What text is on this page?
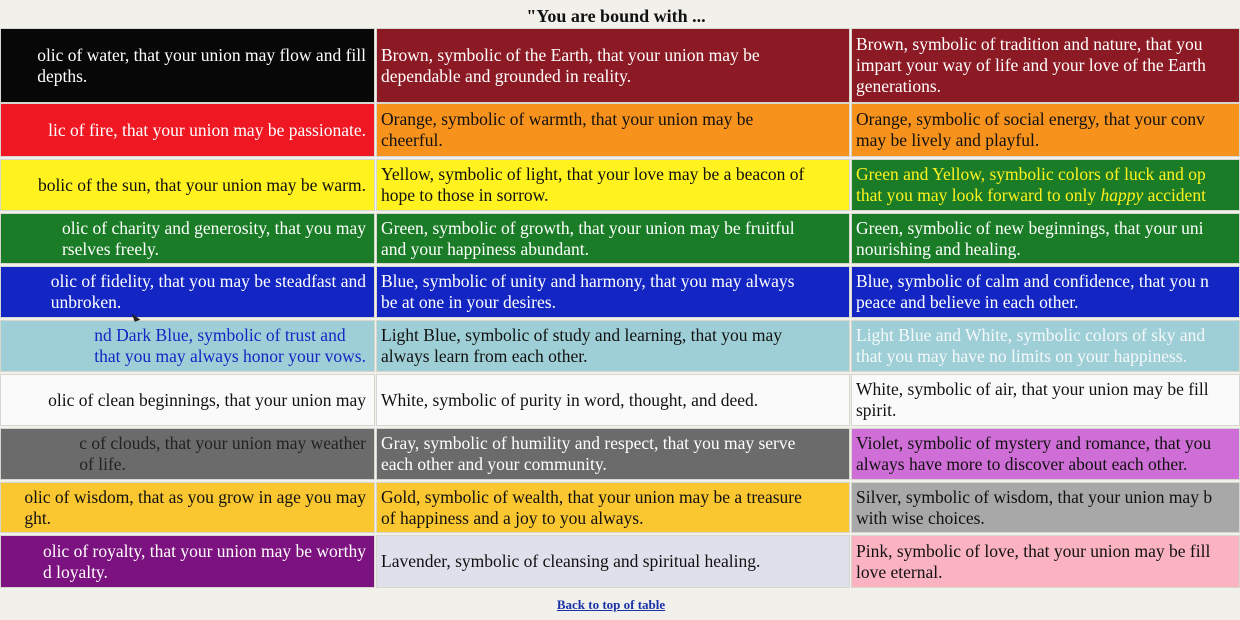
"You are bound with ...
olic of water, that your union may flow and fill
depths.
Brown, symbolic of the Earth, that your union may be
dependable and grounded in reality.
Brown, symbolic of tradition and nature, that you
impart your way of life and your love of the Earth
generations.
lic of fire, that your union may be passionate.
Orange, symbolic of warmth, that your union may be
cheerful.
Orange, symbolic of social energy, that your conv
may be lively and playful.
bolic of the sun, that your union may be warm.
Yellow, symbolic of light, that your love may be a beacon of
hope to those in sorrow.
Green and Yellow, symbolic colors of luck and op
that you may look forward to only happy accident
olic of charity and generosity, that you may
rselves freely.
Green, symbolic of growth, that your union may be fruitful
and your happiness abundant.
Green, symbolic of new beginnings, that your uni
nourishing and healing.
olic of fidelity, that you may be steadfast and
unbroken.
Blue, symbolic of unity and harmony, that you may always
be at one in your desires.
Blue, symbolic of calm and confidence, that you n
peace and believe in each other.
nd Dark Blue, symbolic of trust and
that you may always honor your vows.
Light Blue, symbolic of study and learning, that you may
always learn from each other.
Light Blue and White, symbolic colors of sky and
that you may have no limits on your happiness.
olic of clean beginnings, that your union may White, symbolic of purity in word, thought, and deed.
White, symbolic of air, that your union may be fill
spirit.
c of clouds, that your union may weather
of life.
Gray, symbolic of humility and respect, that you may serve
each other and your community.
Violet, symbolic of mystery and romance, that you
always have more to discover about each other.
olic of wisdom, that as you grow in age you may
ght.
Gold, symbolic of wealth, that your union may be a treasure
of happiness and a joy to you always.
Silver, symbolic of wisdom, that your union may b
with wise choices.
olic of royalty, that your union may be worthy
d loyalty.
Lavender, symbolic of cleansing and spiritual healing.
Pink, symbolic of love, that your union may be fill
love eternal.
Back to top of table
